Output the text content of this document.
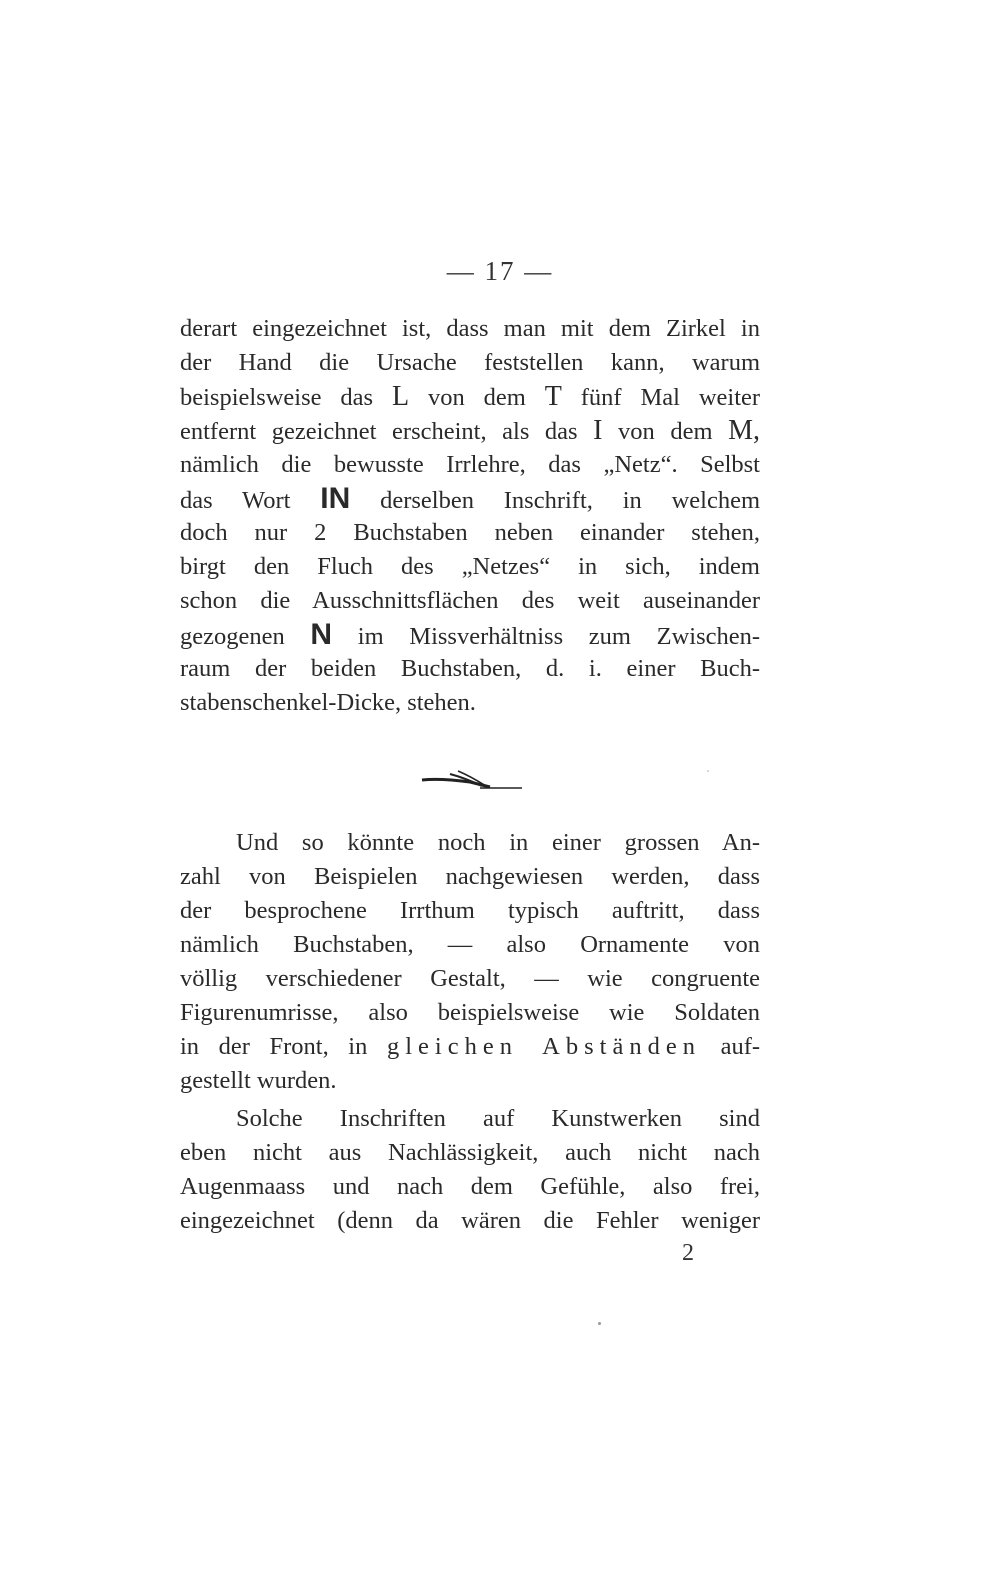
— 17 —
derart eingezeichnet ist, dass man mit dem Zirkel in
der Hand die Ursache feststellen kann, warum
beispielsweise das L von dem T fünf Mal weiter
entfernt gezeichnet erscheint, als das I von dem M,
nämlich die bewusste Irrlehre, das „Netz“. Selbst
das Wort IN derselben Inschrift, in welchem
doch nur 2 Buchstaben neben einander stehen,
birgt den Fluch des „Netzes“ in sich, indem
schon die Ausschnittsflächen des weit auseinander
gezogenen N im Missverhältniss zum Zwischen-
raum der beiden Buchstaben, d. i. einer Buch-
stabenschenkel-Dicke, stehen.
Und so könnte noch in einer grossen An-
zahl von Beispielen nachgewiesen werden, dass
der besprochene Irrthum typisch auftritt, dass
nämlich Buchstaben, — also Ornamente von
völlig verschiedener Gestalt, — wie congruente
Figurenumrisse, also beispielsweise wie Soldaten
in der Front, in gleichen Abständen auf-
gestellt wurden.
Solche Inschriften auf Kunstwerken sind
eben nicht aus Nachlässigkeit, auch nicht nach
Augenmaass und nach dem Gefühle, also frei,
eingezeichnet (denn da wären die Fehler weniger
2
